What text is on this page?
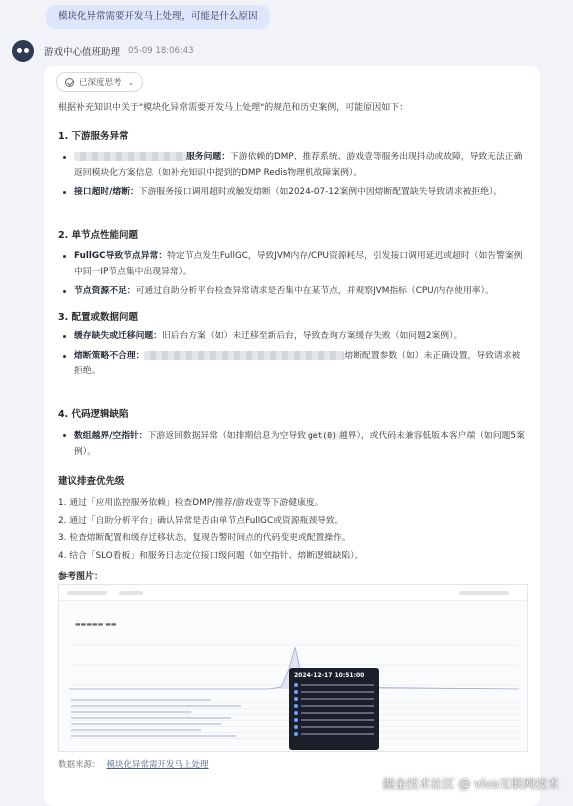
模块化异常需要开发马上处理，可能是什么原因
游戏中心值班助理 05-09 18:06:43
已深度思考 ⌄
根据补充知识中关于"模块化异常需要开发马上处理"的规范和历史案例，可能原因如下：
1. 下游服务异常
服务问题：下游依赖的DMP、推荐系统、游戏壹等服务出现抖动或故障，导致无法正确返回模块化方案信息（如补充知识中提到的DMP Redis物理机故障案例）。
接口超时/熔断：下游服务接口调用超时或触发熔断（如2024-07-12案例中因熔断配置缺失导致请求被拒绝）。
2. 单节点性能问题
FullGC导致节点异常：特定节点发生FullGC，导致JVM内存/CPU资源耗尽，引发接口调用延迟或超时（如告警案例中同一IP节点集中出现异常）。
节点资源不足：可通过自助分析平台检查异常请求是否集中在某节点，并观察JVM指标（CPU/内存使用率）。
3. 配置或数据问题
缓存缺失或迁移问题：旧后台方案（如）未迁移至新后台，导致查询方案缓存失败（如问题2案例）。
熔断策略不合理：	熔断配置参数（如）未正确设置，导致请求被拒绝。
4. 代码逻辑缺陷
数组越界/空指针：下游返回数据异常（如排期信息为空导致 get(0) 越界），或代码未兼容低版本客户端（如问题5案例）。
建议排查优先级
1. 通过「应用监控服务依赖」检查DMP/推荐/游戏壹等下游健康度。
2. 通过「自助分析平台」确认异常是否由单节点FullGC或资源瓶颈导致。
3. 检查熔断配置和缓存迁移状态，复现告警时间点的代码变更或配置操作。
4. 结合「SLO看板」和服务日志定位接口级问题（如空指针、熔断逻辑缺陷）。
参考图片：
▬▬▬▬▬ ▬▬
2024-12-17 10:51:00
数据来源： 模块化异常需开发马上处理
掘金技术社区 @ vivo互联网技术
